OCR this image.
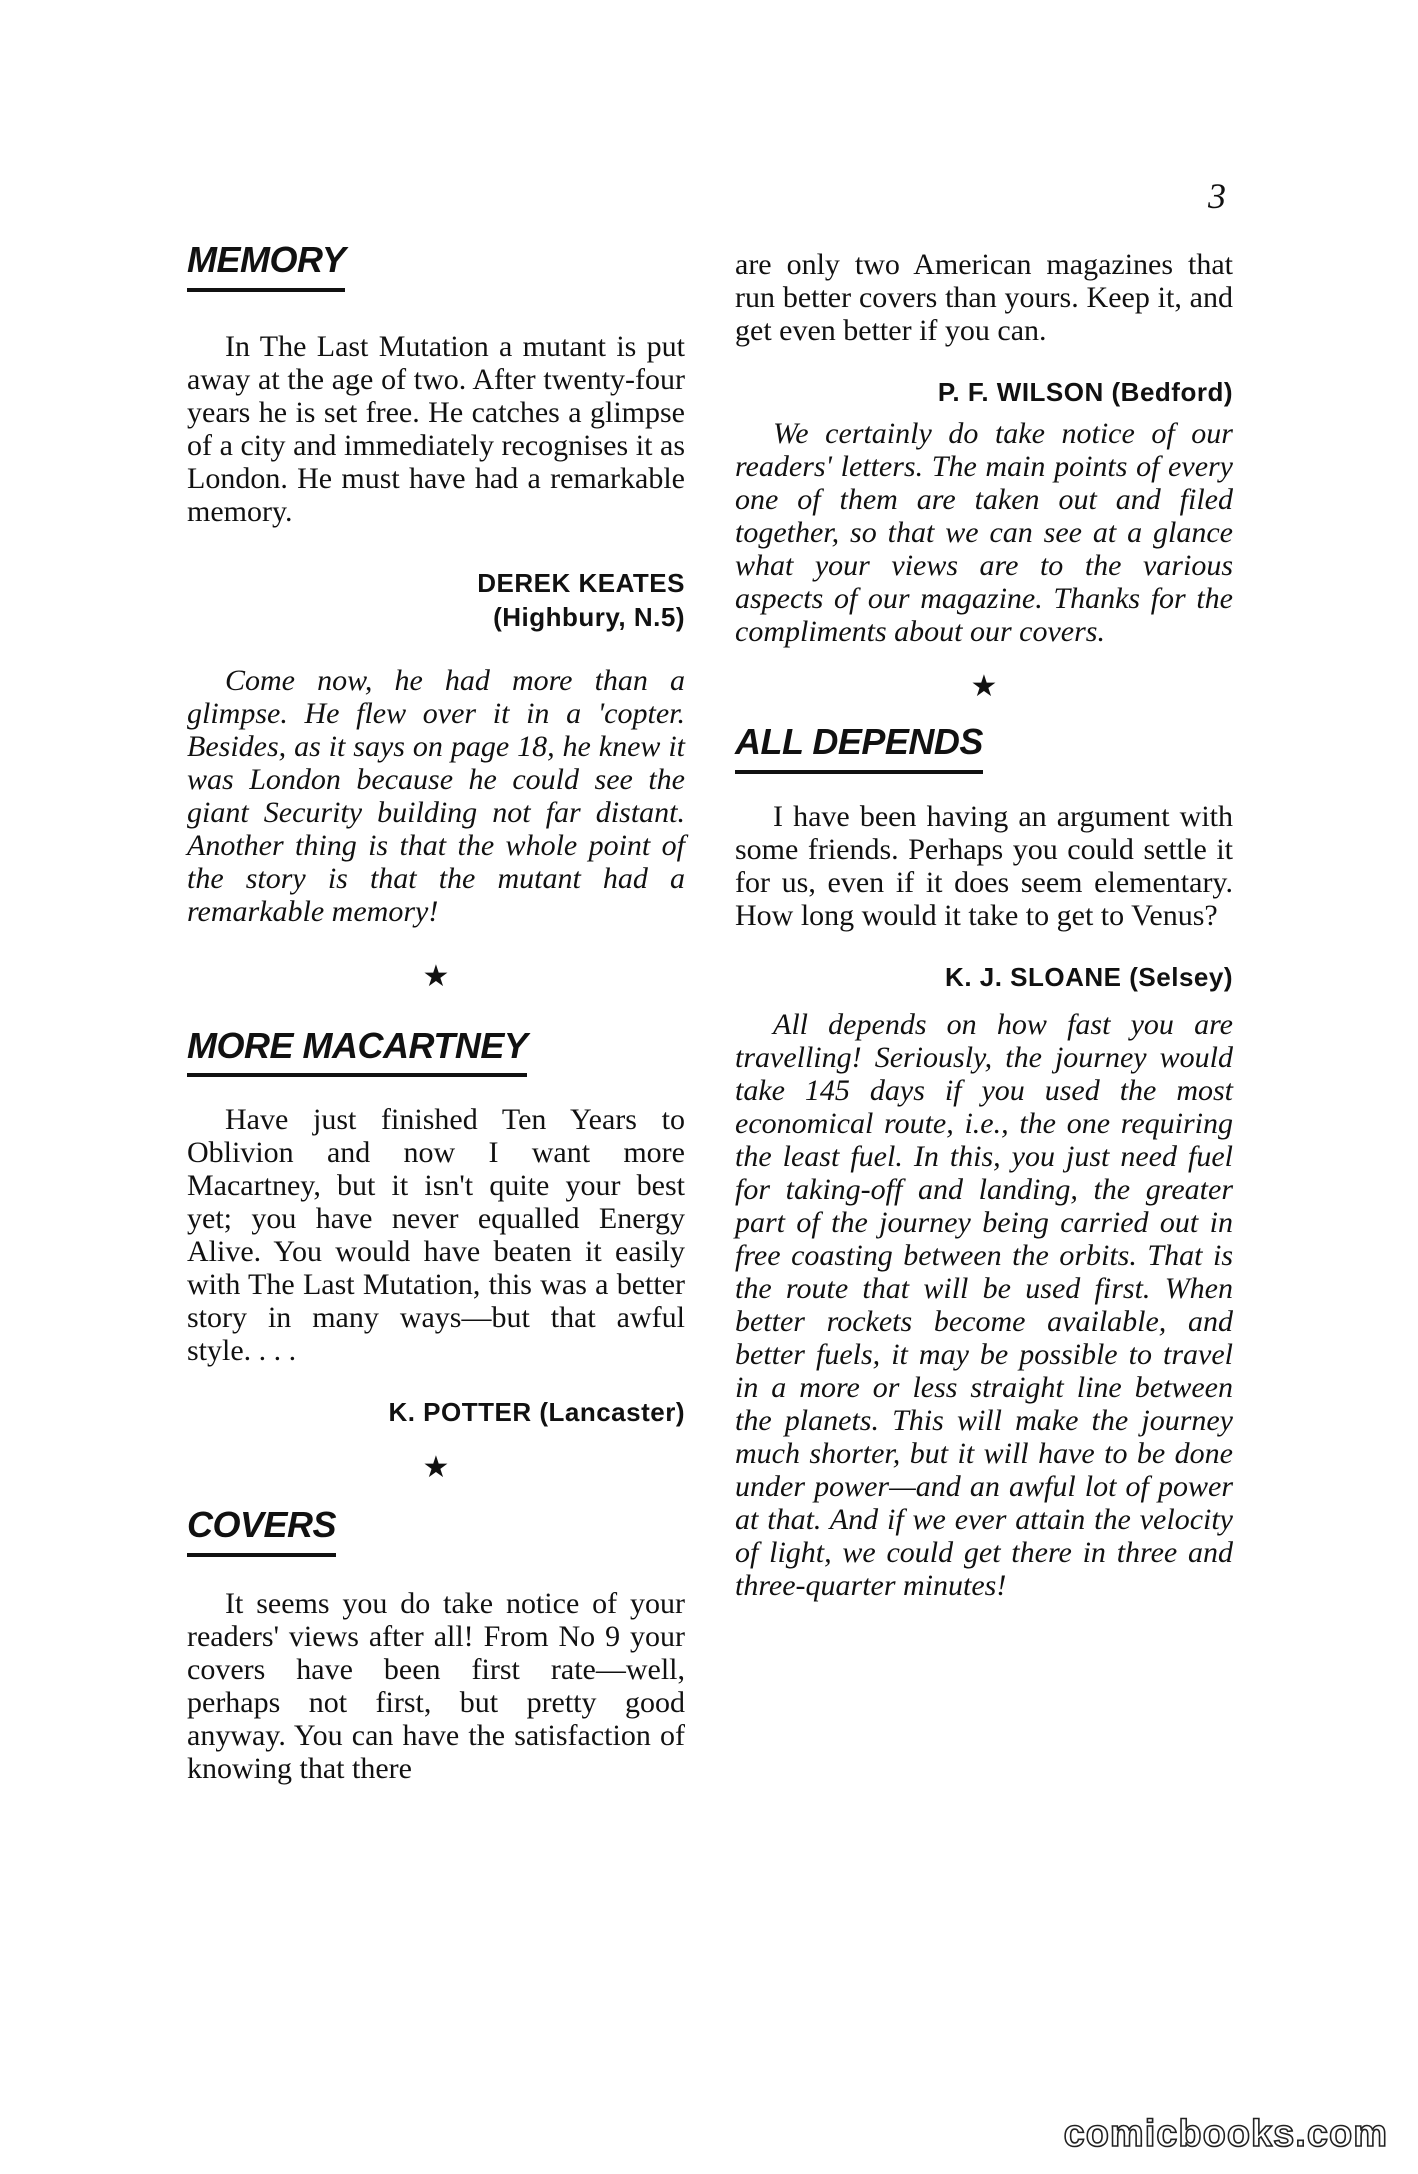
3
MEMORY

In The Last Mutation a mutant is put away at the age of two. After twenty-four years he is set free. He catches a glimpse of a city and immediately recognises it as London. He must have had a remarkable memory.

DEREK KEATES
(Highbury, N.5)

Come now, he had more than a glimpse. He flew over it in a 'copter. Besides, as it says on page 18, he knew it was London because he could see the giant Security building not far distant. Another thing is that the whole point of the story is that the mutant had a remarkable memory!

★

MORE MACARTNEY

Have just finished Ten Years to Oblivion and now I want more Macartney, but it isn't quite your best yet; you have never equalled Energy Alive. You would have beaten it easily with The Last Mutation, this was a better story in many ways—but that awful style. . . .

K. POTTER (Lancaster)

★

COVERS

It seems you do take notice of your readers' views after all! From No 9 your covers have been first rate—well, perhaps not first, but pretty good anyway. You can have the satisfaction of knowing that there

are only two American magazines that run better covers than yours. Keep it, and get even better if you can.

P. F. WILSON (Bedford)

We certainly do take notice of our readers' letters. The main points of every one of them are taken out and filed together, so that we can see at a glance what your views are to the various aspects of our magazine. Thanks for the compliments about our covers.

★

ALL DEPENDS

I have been having an argument with some friends. Perhaps you could settle it for us, even if it does seem elementary. How long would it take to get to Venus?

K. J. SLOANE (Selsey)

All depends on how fast you are travelling! Seriously, the journey would take 145 days if you used the most economical route, i.e., the one requiring the least fuel. In this, you just need fuel for taking-off and landing, the greater part of the journey being carried out in free coasting between the orbits. That is the route that will be used first. When better rockets become available, and better fuels, it may be possible to travel in a more or less straight line between the planets. This will make the journey much shorter, but it will have to be done under power—and an awful lot of power at that. And if we ever attain the velocity of light, we could get there in three and three-quarter minutes!

comicbooks.com
